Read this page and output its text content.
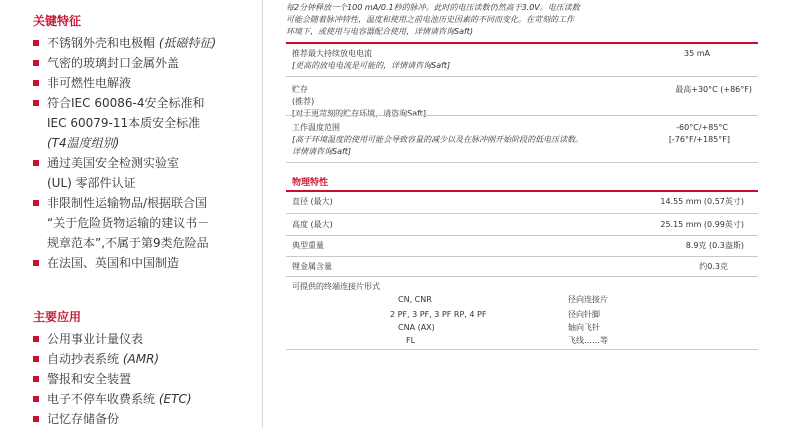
关键特征
不锈钢外壳和电极帽 (抵磁特征)
气密的玻璃封口金属外盖
非可燃性电解液
符合IEC 60086-4安全标准和
IEC 60079-11本质安全标准
(T4温度组别)
通过美国安全检测实验室
(UL) 零部件认证
非限制性运输物品/根据联合国
“关于危险货物运输的建议书－
规章范本”,不属于第9类危险品
在法国、英国和中国制造
主要应用
公用事业计量仪表
自动抄表系统 (AMR)
警报和安全装置
电子不停车收费系统 (ETC)
记忆存储备份
每2分钟释放一个100 mA/0.1秒的脉冲。此时的电压读数仍然高于3.0V。电压读数
可能会随着脉冲特性，温度和使用之前电池历史因素的不同而变化。在苛刻的工作
环境下，或使用与电容器配合使用，详情请咨询Saft)
推荐最大持续放电电流	35 mA
[更高的放电电流是可能的，详情请咨询Saft]
贮存	最高+30°C (+86°F)
(推荐)
[对于更苛刻的贮存环境，请咨询Saft]
工作温度范围	-60°C/+85°C
[-76°F/+185°F]
[高于环境温度的使用可能会导致容量的减少以及在脉冲刚开始阶段的低电压读数。
详情请咨询Saft]
物理特性
直径 (最大)	14.55 mm (0.57英寸)
高度 (最大)	25.15 mm (0.99英寸)
典型重量	8.9克 (0.3盎斯)
锂金属含量	约0.3克
可提供的终端连接片形式
CN, CNR	径向连接片
2 PF, 3 PF, 3 PF RP, 4 PF	径向针脚
CNA (AX)	轴向飞针
FL	飞线……等
